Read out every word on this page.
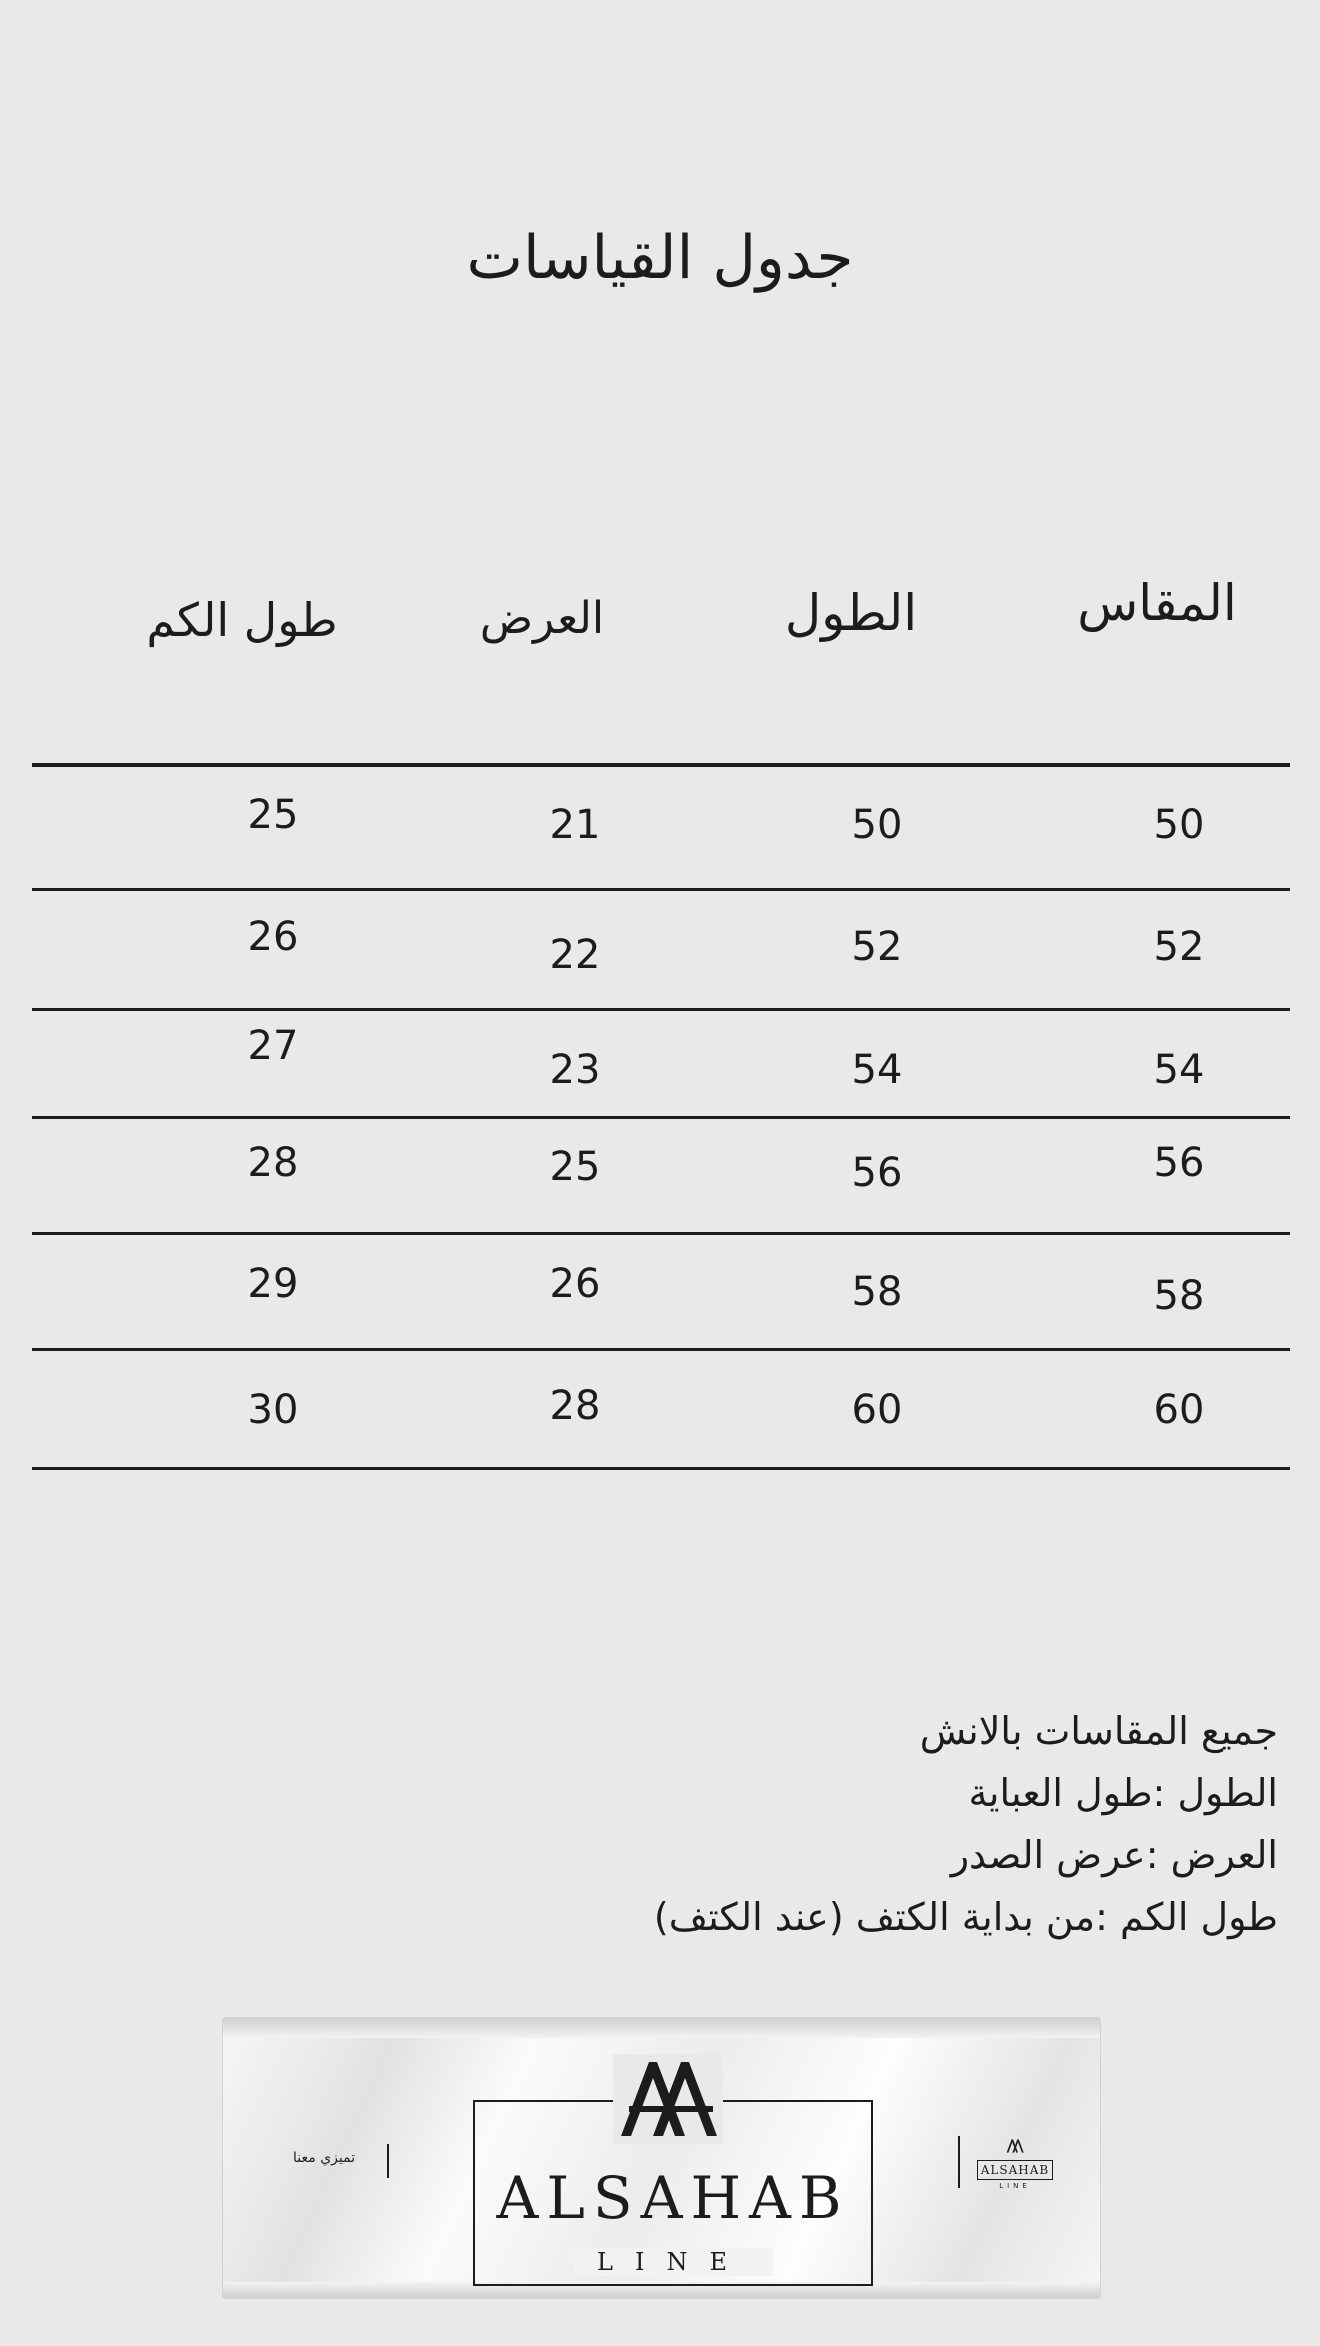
جدول القياسات
المقاس
الطول
العرض
طول الكم
50
50
21
25
52
52
22
26
54
54
23
27
56
56
25
28
58
58
26
29
60
60
28
30
جميع المقاسات بالانش
الطول :طول العباية
العرض :عرض الصدر
طول الكم :من بداية الكتف (عند الكتف)
تميزي معنا
ALSAHAB
LINE
ALSAHAB
LINE
